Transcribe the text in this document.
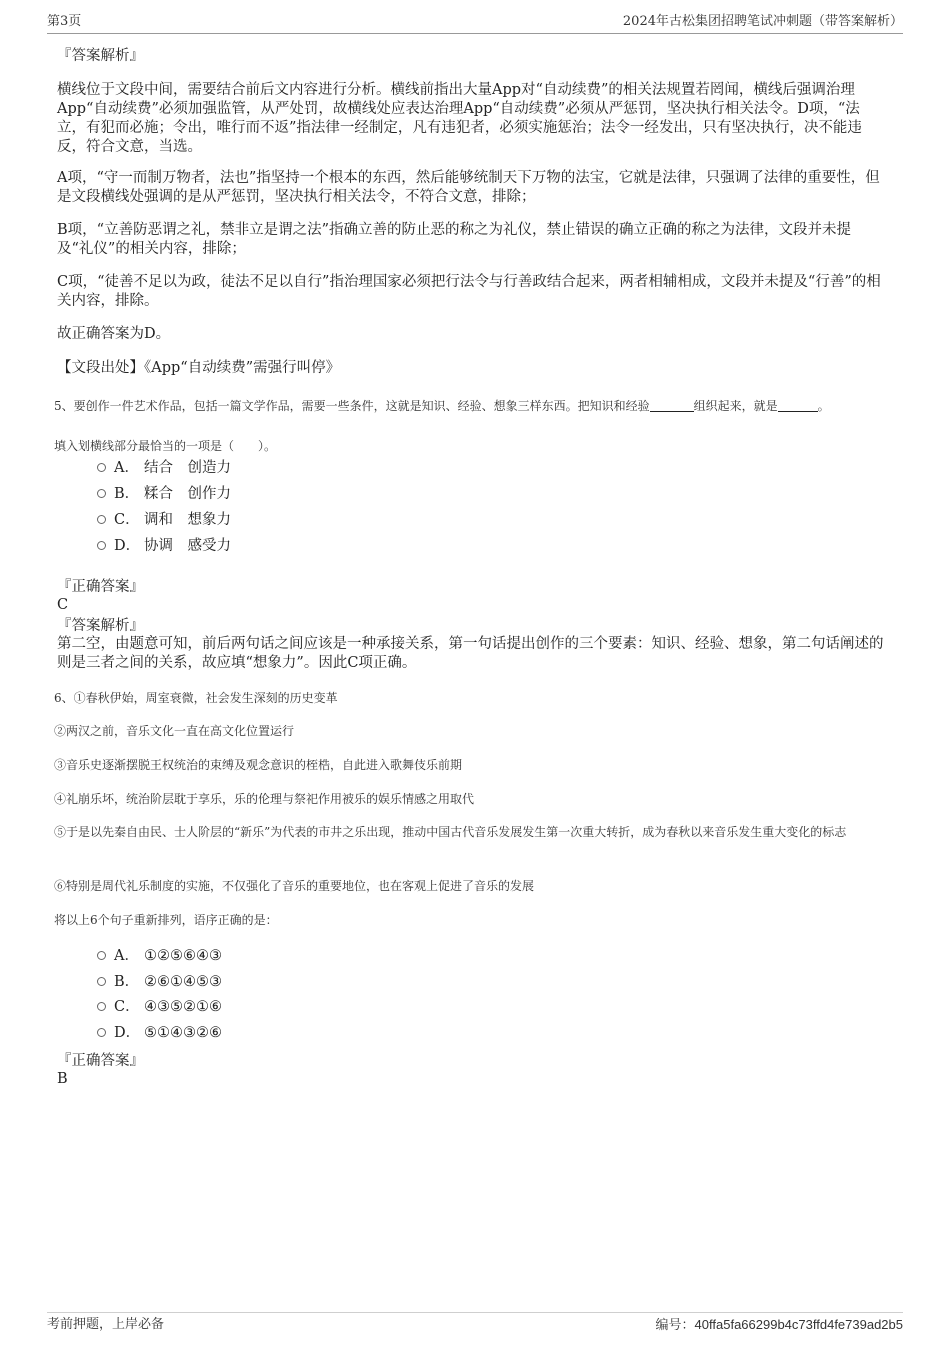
第3页	2024年古松集团招聘笔试冲刺题（带答案解析）
『答案解析』

横线位于文段中间，需要结合前后文内容进行分析。横线前指出大量App对“自动续费”的相关法规置若罔闻，横线后强调治理App“自动续费”必须加强监管，从严处罚，故横线处应表达治理App“自动续费”必须从严惩罚，坚决执行相关法令。D项，“法立，有犯而必施；令出，唯行而不返”指法律一经制定，凡有违犯者，必须实施惩治；法令一经发出，只有坚决执行，决不能违反，符合文意，当选。

A项，“守一而制万物者，法也”指坚持一个根本的东西，然后能够统制天下万物的法宝，它就是法律，只强调了法律的重要性，但是文段横线处强调的是从严惩罚，坚决执行相关法令，不符合文意，排除；

B项，“立善防恶谓之礼，禁非立是谓之法”指确立善的防止恶的称之为礼仪，禁止错误的确立正确的称之为法律，文段并未提及“礼仪”的相关内容，排除；

C项，“徒善不足以为政，徒法不足以自行”指治理国家必须把行法令与行善政结合起来，两者相辅相成，文段并未提及“行善”的相关内容，排除。

故正确答案为D。
【文段出处】《App“自动续费”需强行叫停》
5、要创作一件艺术作品，包括一篇文学作品，需要一些条件，这就是知识、经验、想象三样东西。把知识和经验	组织起来，就是	。
填入划横线部分最恰当的一项是（　　）。
A． 结合　创造力
B． 糅合　创作力
C． 调和　想象力
D． 协调　感受力
『正确答案』
C
『答案解析』

第二空，由题意可知，前后两句话之间应该是一种承接关系，第一句话提出创作的三个要素：知识、经验、想象，第二句话阐述的则是三者之间的关系，故应填“想象力”。因此C项正确。

6、①春秋伊始，周室衰微，社会发生深刻的历史变革
②两汉之前，音乐文化一直在高文化位置运行
③音乐史逐渐摆脱王权统治的束缚及观念意识的桎梏，自此进入歌舞伎乐前期
④礼崩乐坏，统治阶层耽于享乐，乐的伦理与祭祀作用被乐的娱乐情感之用取代

⑤于是以先秦自由民、士人阶层的“新乐”为代表的市井之乐出现，推动中国古代音乐发展发生第一次重大转折，成为春秋以来音乐发生重大变化的标志

⑥特别是周代礼乐制度的实施，不仅强化了音乐的重要地位，也在客观上促进了音乐的发展
将以上6个句子重新排列，语序正确的是：
A． ①②⑤⑥④③
B． ②⑥①④⑤③
C． ④③⑤②①⑥
D． ⑤①④③②⑥
『正确答案』
B
考前押题，上岸必备	编号：40ffa5fa66299b4c73ffd4fe739ad2b5
